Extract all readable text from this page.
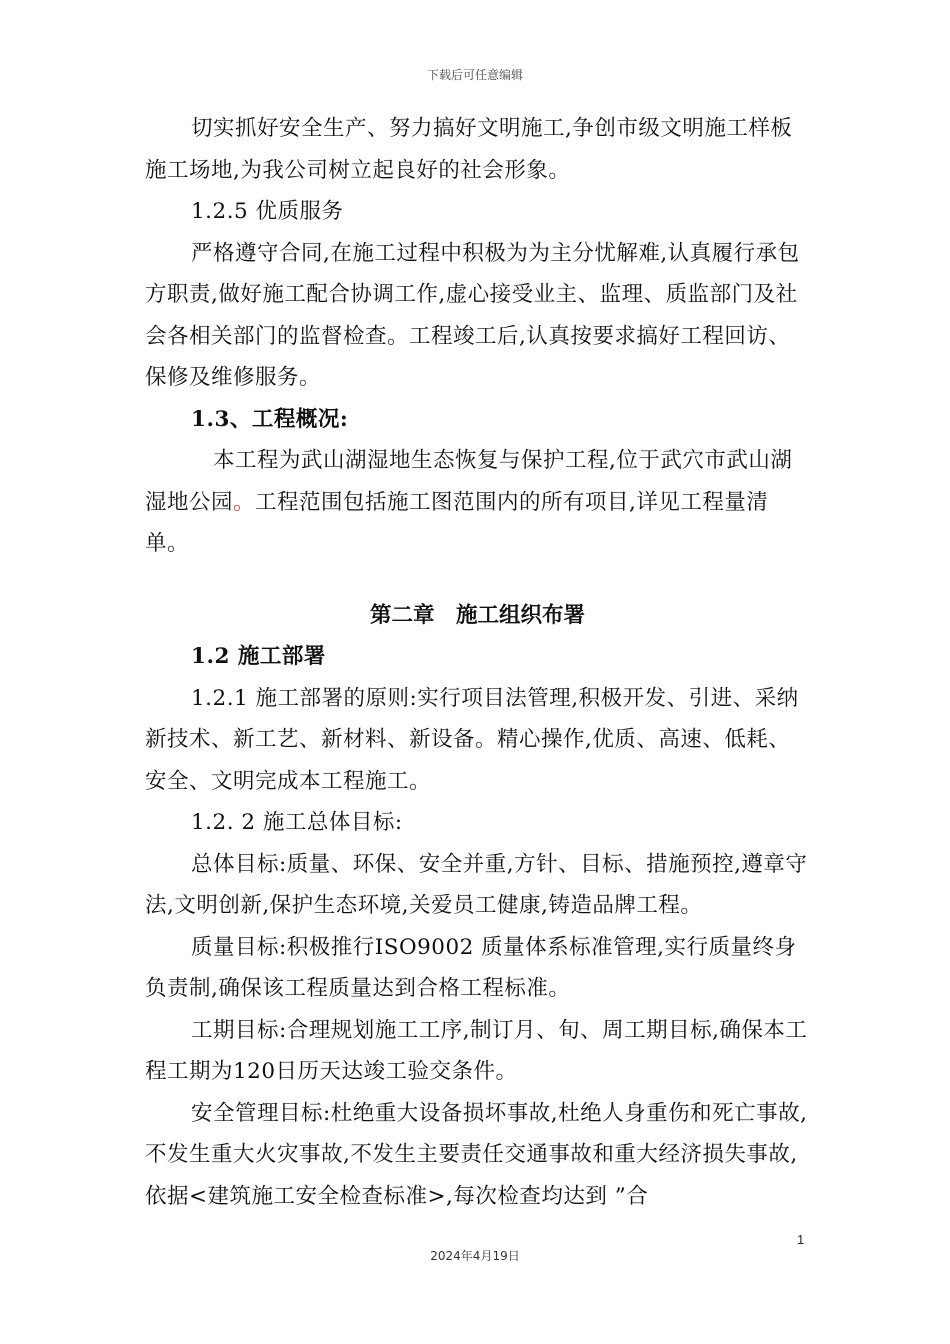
下载后可任意编辑

切实抓好安全生产、努力搞好文明施工,争创市级文明施工样板施工场地,为我公司树立起良好的社会形象。

1.2.5 优质服务

严格遵守合同,在施工过程中积极为为主分忧解难,认真履行承包方职责,做好施工配合协调工作,虚心接受业主、监理、质监部门及社会各相关部门的监督检查。工程竣工后,认真按要求搞好工程回访、保修及维修服务。

1.3、工程概况:

本工程为武山湖湿地生态恢复与保护工程,位于武穴市武山湖湿地公园。工程范围包括施工图范围内的所有项目,详见工程量清单。

第二章　施工组织布署

1.2 施工部署

1.2.1 施工部署的原则:实行项目法管理,积极开发、引进、采纳新技术、新工艺、新材料、新设备。精心操作,优质、高速、低耗、安全、文明完成本工程施工。

1.2. 2 施工总体目标:

总体目标:质量、环保、安全并重,方针、目标、措施预控,遵章守法,文明创新,保护生态环境,关爱员工健康,铸造品牌工程。

质量目标:积极推行ISO9002 质量体系标准管理,实行质量终身负责制,确保该工程质量达到合格工程标准。

工期目标:合理规划施工工序,制订月、旬、周工期目标,确保本工程工期为120日历天达竣工验交条件。

安全管理目标:杜绝重大设备损坏事故,杜绝人身重伤和死亡事故,不发生重大火灾事故,不发生主要责任交通事故和重大经济损失事故,依据<建筑施工安全检查标准>,每次检查均达到 ”合

1
2024年4月19日
